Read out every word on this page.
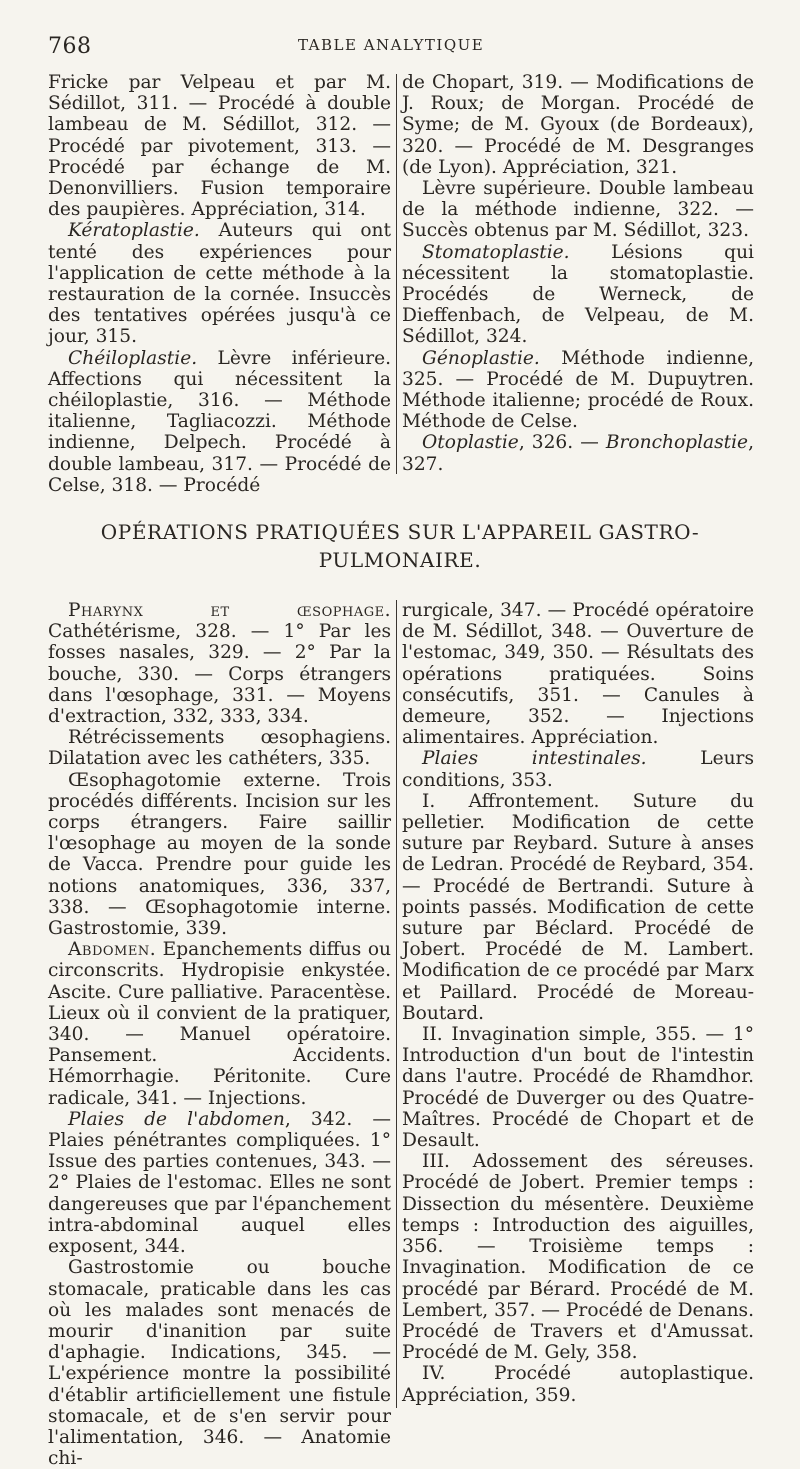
768	TABLE ANALYTIQUE

Fricke par Velpeau et par M. Sédillot, 311. — Procédé à double lambeau de M. Sédillot, 312. — Procédé par pivotement, 313. — Procédé par échange de M. Denonvilliers. Fusion temporaire des paupières. Appréciation, 314.

Kératoplastie. Auteurs qui ont tenté des expériences pour l'application de cette méthode à la restauration de la cornée. Insuccès des tentatives opérées jusqu'à ce jour, 315.

Chéiloplastie. Lèvre inférieure. Affections qui nécessitent la chéiloplastie, 316. — Méthode italienne, Tagliacozzi. Méthode indienne, Delpech. Procédé à double lambeau, 317. — Procédé de Celse, 318. — Procédé

de Chopart, 319. — Modifications de J. Roux; de Morgan. Procédé de Syme; de M. Gyoux (de Bordeaux), 320. — Procédé de M. Desgranges (de Lyon). Appréciation, 321.

Lèvre supérieure. Double lambeau de la méthode indienne, 322. — Succès obtenus par M. Sédillot, 323.

Stomatoplastie. Lésions qui nécessitent la stomatoplastie. Procédés de Werneck, de Dieffenbach, de Velpeau, de M. Sédillot, 324.

Génoplastie. Méthode indienne, 325. — Procédé de M. Dupuytren. Méthode italienne; procédé de Roux. Méthode de Celse.

Otoplastie, 326. — Bronchoplastie, 327.

OPÉRATIONS PRATIQUÉES SUR L'APPAREIL GASTRO-PULMONAIRE.

Pharynx et œsophage. Cathétérisme, 328. — 1° Par les fosses nasales, 329. — 2° Par la bouche, 330. — Corps étrangers dans l'œsophage, 331. — Moyens d'extraction, 332, 333, 334.

Rétrécissements œsophagiens. Dilatation avec les cathéters, 335.

Œsophagotomie externe. Trois procédés différents. Incision sur les corps étrangers. Faire saillir l'œsophage au moyen de la sonde de Vacca. Prendre pour guide les notions anatomiques, 336, 337, 338. — Œsophagotomie interne. Gastrostomie, 339.

Abdomen. Epanchements diffus ou circonscrits. Hydropisie enkystée. Ascite. Cure palliative. Paracentèse. Lieux où il convient de la pratiquer, 340. — Manuel opératoire. Pansement. Accidents. Hémorrhagie. Péritonite. Cure radicale, 341. — Injections.

Plaies de l'abdomen, 342. — Plaies pénétrantes compliquées. 1° Issue des parties contenues, 343. — 2° Plaies de l'estomac. Elles ne sont dangereuses que par l'épanchement intra-abdominal auquel elles exposent, 344.

Gastrostomie ou bouche stomacale, praticable dans les cas où les malades sont menacés de mourir d'inanition par suite d'aphagie. Indications, 345. — L'expérience montre la possibilité d'établir artificiellement une fistule stomacale, et de s'en servir pour l'alimentation, 346. — Anatomie chi-

rurgicale, 347. — Procédé opératoire de M. Sédillot, 348. — Ouverture de l'estomac, 349, 350. — Résultats des opérations pratiquées. Soins consécutifs, 351. — Canules à demeure, 352. — Injections alimentaires. Appréciation.

Plaies intestinales. Leurs conditions, 353.

I. Affrontement. Suture du pelletier. Modification de cette suture par Reybard. Suture à anses de Ledran. Procédé de Reybard, 354. — Procédé de Bertrandi. Suture à points passés. Modification de cette suture par Béclard. Procédé de Jobert. Procédé de M. Lambert. Modification de ce procédé par Marx et Paillard. Procédé de Moreau-Boutard.

II. Invagination simple, 355. — 1° Introduction d'un bout de l'intestin dans l'autre. Procédé de Rhamdhor. Procédé de Duverger ou des Quatre-Maîtres. Procédé de Chopart et de Desault.

III. Adossement des séreuses. Procédé de Jobert. Premier temps : Dissection du mésentère. Deuxième temps : Introduction des aiguilles, 356. — Troisième temps : Invagination. Modification de ce procédé par Bérard. Procédé de M. Lembert, 357. — Procédé de Denans. Procédé de Travers et d'Amussat. Procédé de M. Gely, 358.

IV. Procédé autoplastique. Appréciation, 359.
